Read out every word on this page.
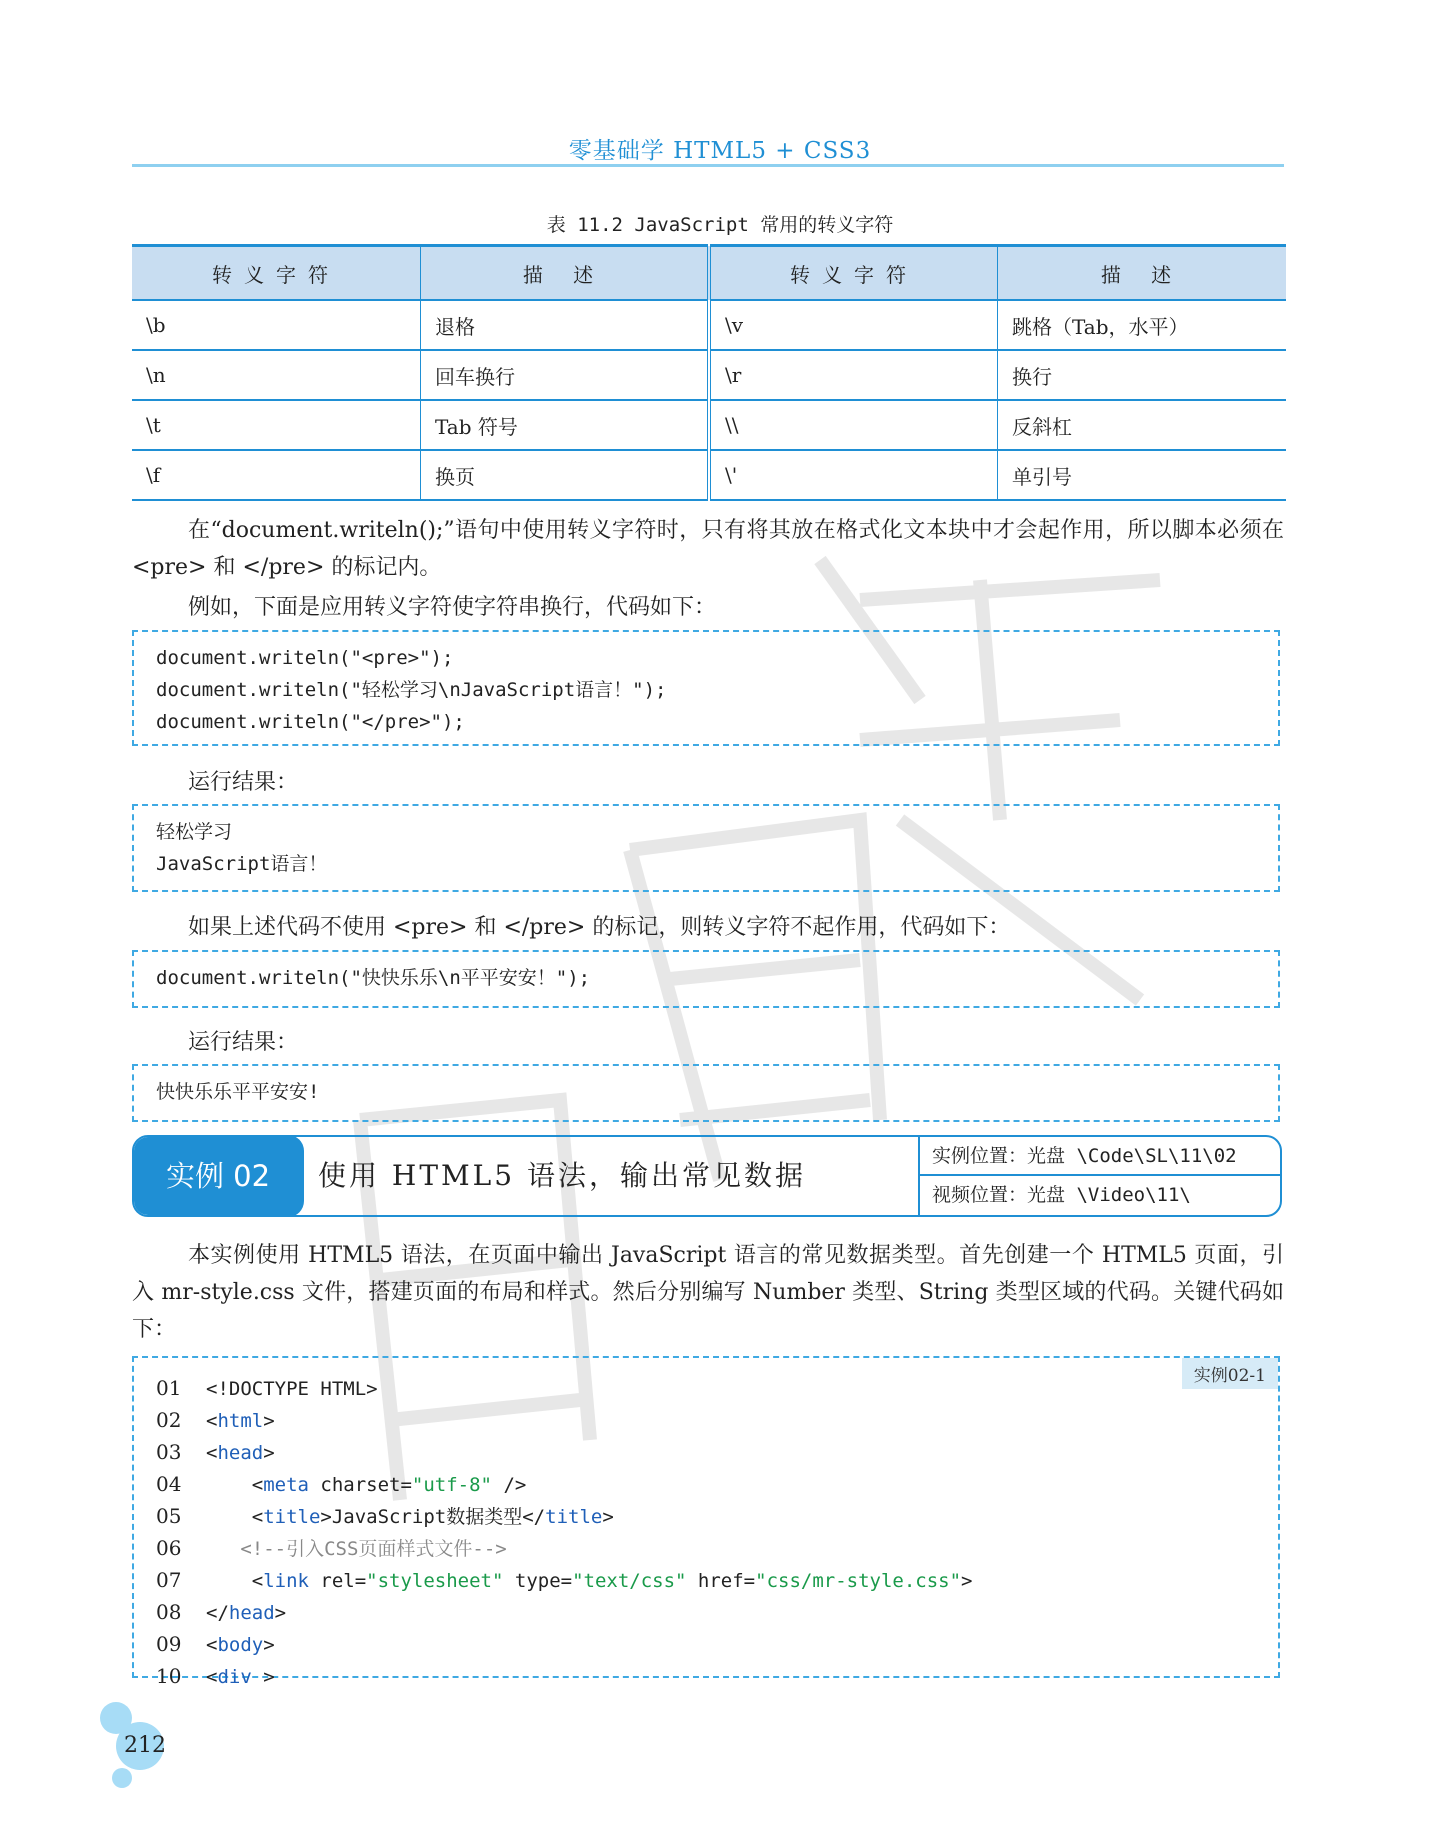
零基础学 HTML5 + CSS3
表 11.2 JavaScript 常用的转义字符
转义字符	描 述	转义字符	描 述
\b	退格	\v	跳格（Tab，水平）
\n	回车换行	\r	换行
\t	Tab 符号	\\	反斜杠
\f	换页	\'	单引号

在“document.writeln();”语句中使用转义字符时，只有将其放在格式化文本块中才会起作用，所以脚本必须在 <pre> 和 </pre> 的标记内。

例如，下面是应用转义字符使字符串换行，代码如下：

document.writeln("<pre>");
document.writeln("轻松学习\nJavaScript语言！");
document.writeln("</pre>");

运行结果：

轻松学习
JavaScript语言！

如果上述代码不使用 <pre> 和 </pre> 的标记，则转义字符不起作用，代码如下：

document.writeln("快快乐乐\n平平安安！");

运行结果：

快快乐乐平平安安!
实例 02	使用 HTML5 语法，输出常见数据
实例位置：光盘 \Code\SL\11\02
视频位置：光盘 \Video\11\

本实例使用 HTML5 语法，在页面中输出 JavaScript 语言的常见数据类型。首先创建一个 HTML5 页面，引入 mr-style.css 文件，搭建页面的布局和样式。然后分别编写 Number 类型、String 类型区域的代码。关键代码如下：

实例02-1
01 <!DOCTYPE HTML>
02 <html>
03 <head>
04    <meta charset="utf-8" />
05    <title>JavaScript数据类型</title>
06   <!--引入CSS页面样式文件-->
07    <link rel="stylesheet" type="text/css" href="css/mr-style.css">
08 </head>
09 <body>
10 <div >
212
